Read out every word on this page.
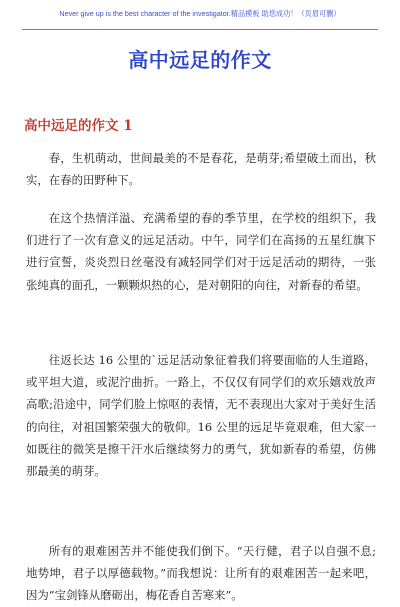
Never give up is the best character of the investigator.精品模板 助您成功！（页眉可删）
高中远足的作文
高中远足的作文 1

春，生机萌动，世间最美的不是春花，是萌芽;希望破土而出，秋实，在春的田野种下。

在这个热情洋溢、充满希望的春的季节里，在学校的组织下，我们进行了一次有意义的远足活动。中午，同学们在高扬的五星红旗下进行宣誓，炎炎烈日丝毫没有减轻同学们对于远足活动的期待，一张张纯真的面孔，一颗颗炽热的心，是对朝阳的向往，对新春的希望。

往返长达 16 公里的`远足活动象征着我们将要面临的人生道路，或平坦大道，或泥泞曲折。一路上，不仅仅有同学们的欢乐嬉戏放声高歌;沿途中，同学们脸上惊呕的表情，无不表现出大家对于美好生活的向往，对祖国繁荣强大的敬仰。16 公里的远足毕竟艰难，但大家一如既往的微笑是擦干汗水后继续努力的勇气，犹如新春的希望，仿佛那最美的萌芽。

所有的艰难困苦并不能使我们倒下。“天行健，君子以自强不息;地势坤，君子以厚德载物。”而我想说：让所有的艰难困苦一起来吧，因为“宝剑锋从磨砺出，梅花香自苦寒来”。
